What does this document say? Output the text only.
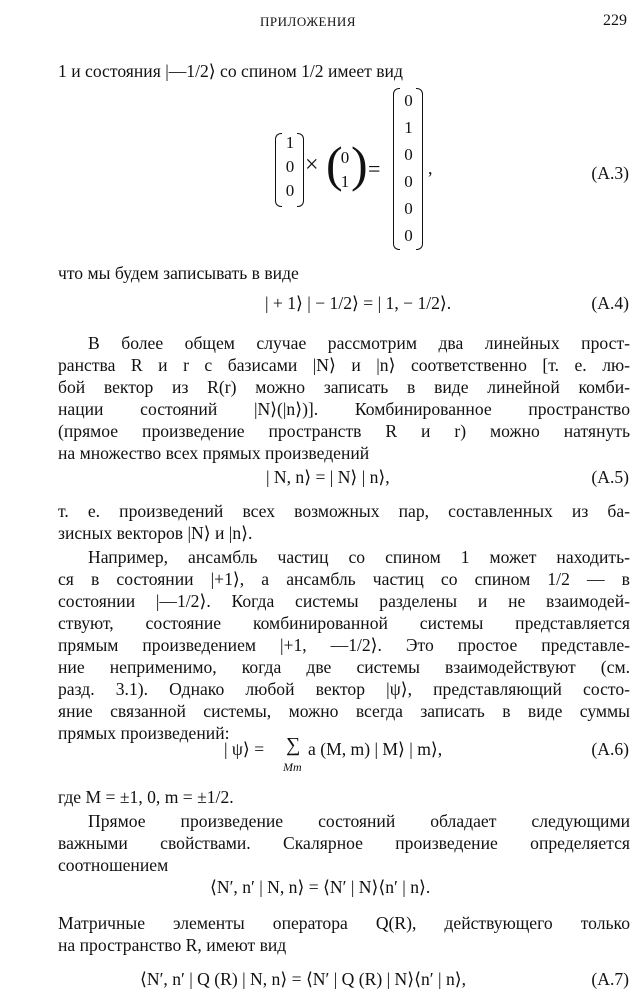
ПРИЛОЖЕНИЯ	229
1 и состояния |—1/2⟩ со спином 1/2 имеет вид
1
0
0
× (
0
1 ) =
0
1
0
0
0
0
,	(A.3)
что мы будем записывать в виде
| + 1⟩ | − 1/2⟩ = | 1, − 1/2⟩.	(A.4)
В более общем случае рассмотрим два линейных прост-
ранства R и r с базисами |N⟩ и |n⟩ соответственно [т. е. лю-
бой вектор из R(r) можно записать в виде линейной комби-
нации состояний |N⟩(|n⟩)]. Комбинированное пространство
(прямое произведение пространств R и r) можно натянуть
на множество всех прямых произведений
| N, n⟩ = | N⟩ | n⟩,	(A.5)
т. е. произведений всех возможных пар, составленных из ба-
зисных векторов |N⟩ и |n⟩.
Например, ансамбль частиц со спином 1 может находить-
ся в состоянии |+1⟩, а ансамбль частиц со спином 1/2 — в
состоянии |—1/2⟩. Когда системы разделены и не взаимодей-
ствуют, состояние комбинированной системы представляется
прямым произведением |+1, —1/2⟩. Это простое представле-
ние неприменимо, когда две системы взаимодействуют (см.
разд. 3.1). Однако любой вектор |ψ⟩, представляющий состо-
яние связанной системы, можно всегда записать в виде суммы
прямых произведений:
| ψ⟩ = ∑
Mm
a (M, m) | M⟩ | m⟩,	(A.6)
где M = ±1, 0, m = ±1/2.
Прямое произведение состояний обладает следующими
важными свойствами. Скалярное произведение определяется
соотношением
⟨N′, n′ | N, n⟩ = ⟨N′ | N⟩⟨n′ | n⟩.
Матричные элементы оператора Q(R), действующего только
на пространство R, имеют вид
⟨N′, n′ | Q (R) | N, n⟩ = ⟨N′ | Q (R) | N⟩⟨n′ | n⟩,	(A.7)
